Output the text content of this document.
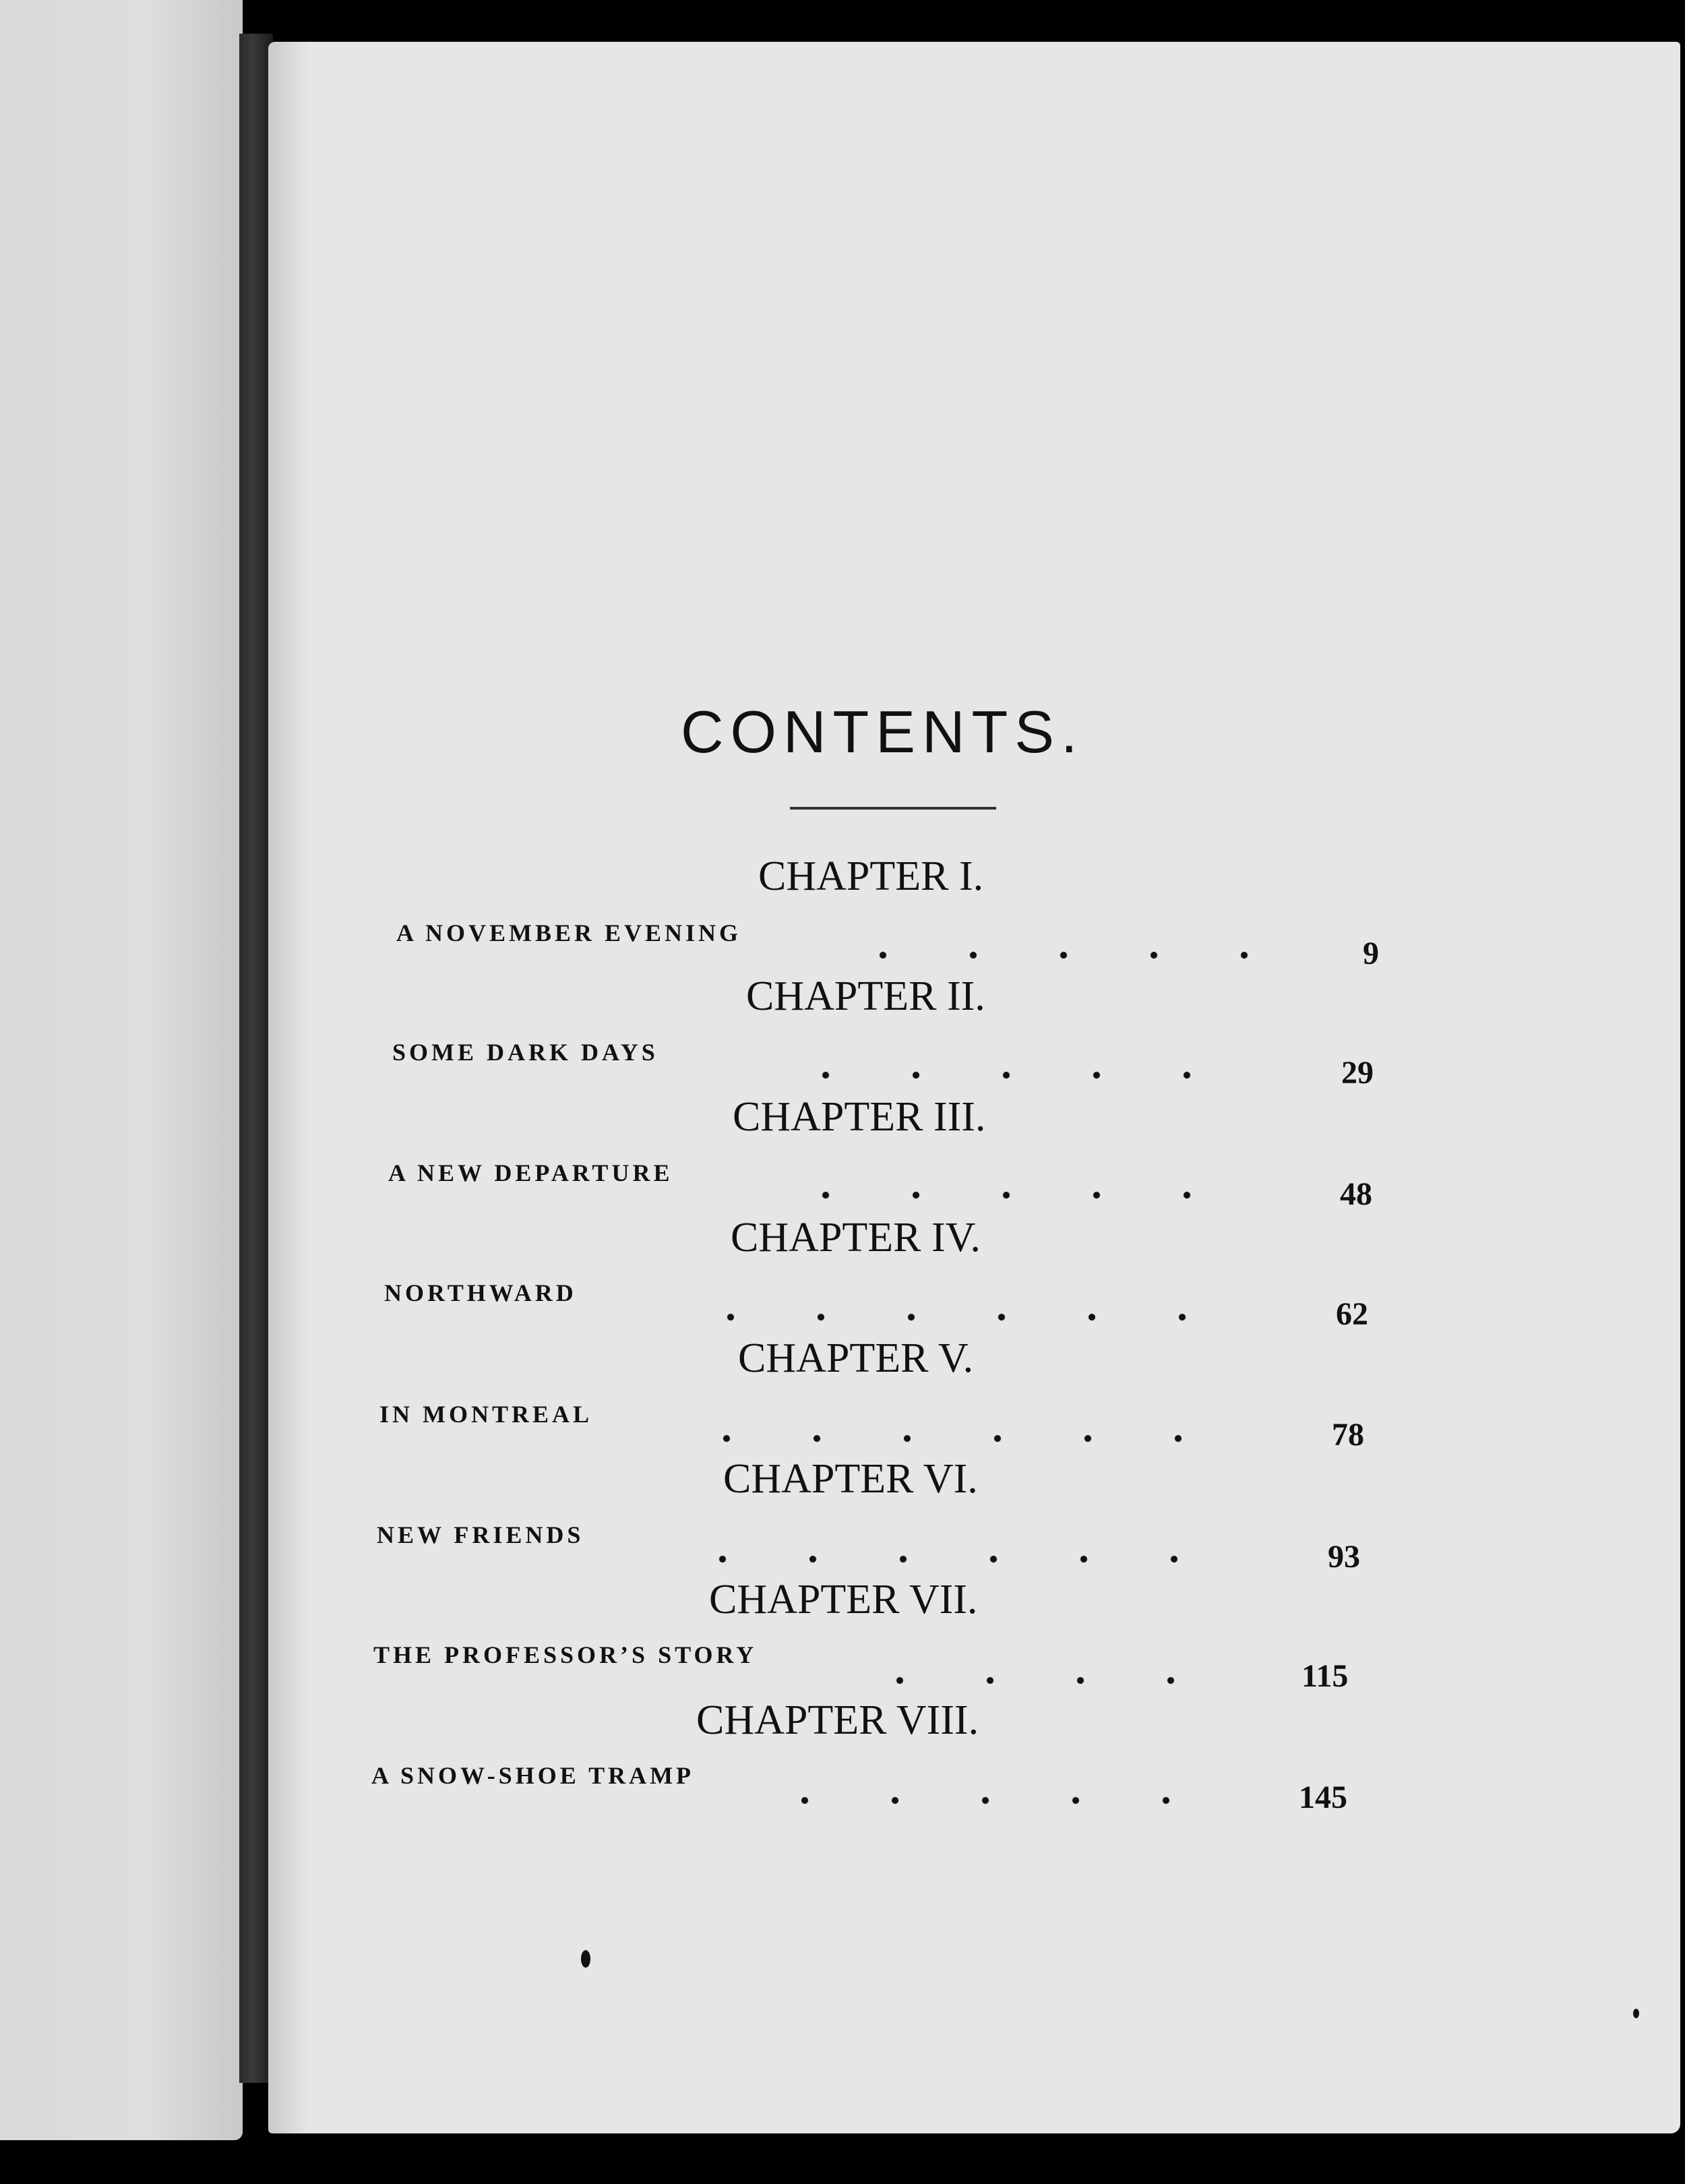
CONTENTS.
CHAPTER I.
A NOVEMBER EVENING
9
CHAPTER II.
SOME DARK DAYS
29
CHAPTER III.
A NEW DEPARTURE
48
CHAPTER IV.
NORTHWARD
62
CHAPTER V.
IN MONTREAL
78
CHAPTER VI.
NEW FRIENDS
93
CHAPTER VII.
THE PROFESSOR’S STORY
115
CHAPTER VIII.
A SNOW-SHOE TRAMP
145
